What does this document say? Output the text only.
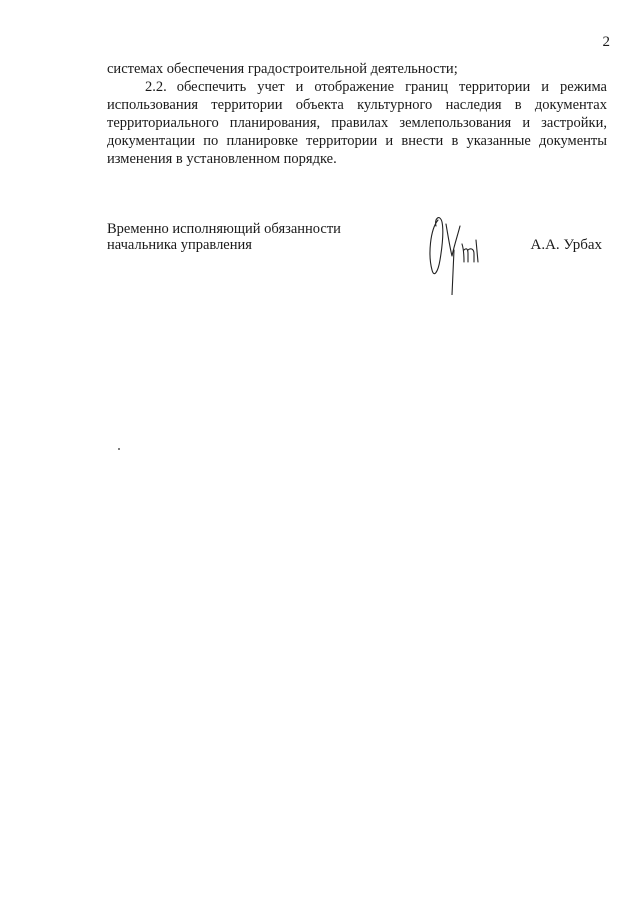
2

системах обеспечения градостроительной деятельности;

2.2. обеспечить учет и отображение границ территории и режима использования территории объекта культурного наследия в документах территориального планирования, правилах землепользования и застройки, документации по планировке территории и внести в указанные документы изменения в установленном порядке.

Временно исполняющий обязанности
начальника управления	А.А. Урбах
